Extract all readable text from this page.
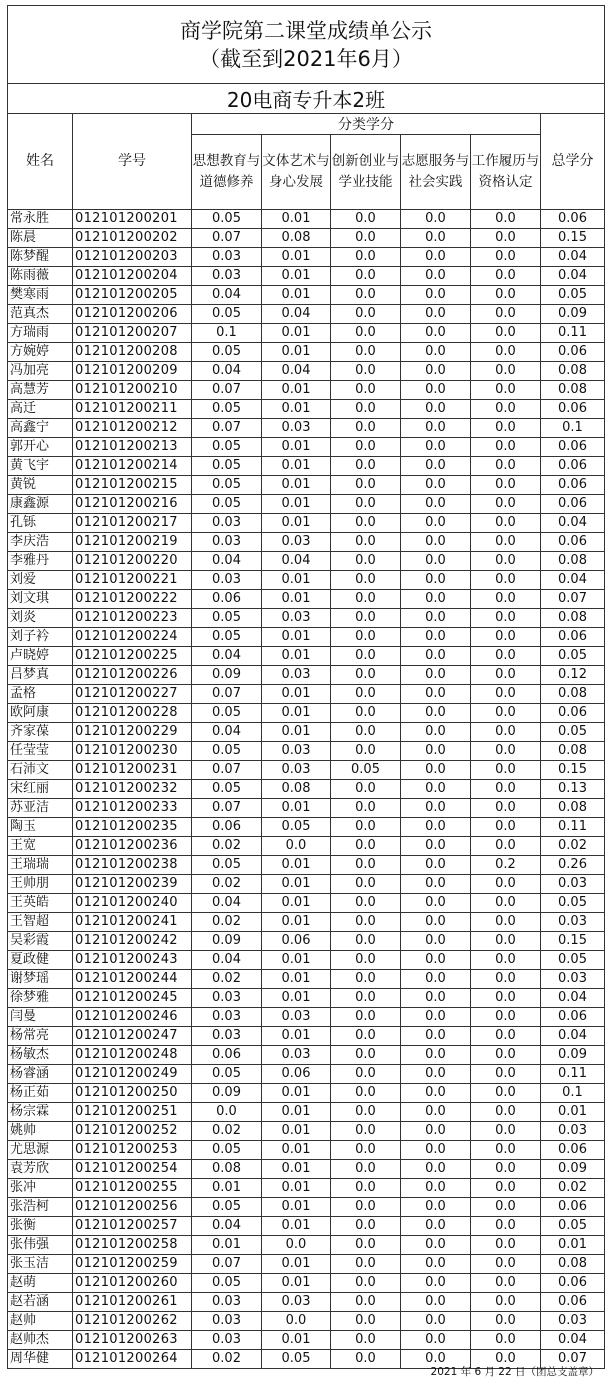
商学院第二课堂成绩单公示
（截至到2021年6月）							

20电商专升本2班							
姓名	学号	分类学分					总学分
		思想教育与道德修养	文体艺术与身心发展	创新创业与学业技能	志愿服务与社会实践	工作履历与资格认定	
常永胜	012101200201	0.05	0.01	0.0	0.0	0.0	0.06
陈晨	012101200202	0.07	0.08	0.0	0.0	0.0	0.15
陈梦醒	012101200203	0.03	0.01	0.0	0.0	0.0	0.04
陈雨薇	012101200204	0.03	0.01	0.0	0.0	0.0	0.04
樊寒雨	012101200205	0.04	0.01	0.0	0.0	0.0	0.05
范真杰	012101200206	0.05	0.04	0.0	0.0	0.0	0.09
方瑞雨	012101200207	0.1	0.01	0.0	0.0	0.0	0.11
方婉婷	012101200208	0.05	0.01	0.0	0.0	0.0	0.06
冯加亮	012101200209	0.04	0.04	0.0	0.0	0.0	0.08
高慧芳	012101200210	0.07	0.01	0.0	0.0	0.0	0.08
高迁	012101200211	0.05	0.01	0.0	0.0	0.0	0.06
高鑫宁	012101200212	0.07	0.03	0.0	0.0	0.0	0.1
郭开心	012101200213	0.05	0.01	0.0	0.0	0.0	0.06
黄飞宇	012101200214	0.05	0.01	0.0	0.0	0.0	0.06
黄锐	012101200215	0.05	0.01	0.0	0.0	0.0	0.06
康鑫源	012101200216	0.05	0.01	0.0	0.0	0.0	0.06
孔铄	012101200217	0.03	0.01	0.0	0.0	0.0	0.04
李庆浩	012101200219	0.03	0.03	0.0	0.0	0.0	0.06
李雅丹	012101200220	0.04	0.04	0.0	0.0	0.0	0.08
刘爱	012101200221	0.03	0.01	0.0	0.0	0.0	0.04
刘文琪	012101200222	0.06	0.01	0.0	0.0	0.0	0.07
刘炎	012101200223	0.05	0.03	0.0	0.0	0.0	0.08
刘子衿	012101200224	0.05	0.01	0.0	0.0	0.0	0.06
卢晓婷	012101200225	0.04	0.01	0.0	0.0	0.0	0.05
吕梦真	012101200226	0.09	0.03	0.0	0.0	0.0	0.12
孟格	012101200227	0.07	0.01	0.0	0.0	0.0	0.08
欧阿康	012101200228	0.05	0.01	0.0	0.0	0.0	0.06
齐家葆	012101200229	0.04	0.01	0.0	0.0	0.0	0.05
任莹莹	012101200230	0.05	0.03	0.0	0.0	0.0	0.08
石沛文	012101200231	0.07	0.03	0.05	0.0	0.0	0.15
宋红丽	012101200232	0.05	0.08	0.0	0.0	0.0	0.13
苏亚洁	012101200233	0.07	0.01	0.0	0.0	0.0	0.08
陶玉	012101200235	0.06	0.05	0.0	0.0	0.0	0.11
王宽	012101200236	0.02	0.0	0.0	0.0	0.0	0.02
王瑞瑞	012101200238	0.05	0.01	0.0	0.0	0.2	0.26
王帅朋	012101200239	0.02	0.01	0.0	0.0	0.0	0.03
王英皓	012101200240	0.04	0.01	0.0	0.0	0.0	0.05
王智超	012101200241	0.02	0.01	0.0	0.0	0.0	0.03
吴彩霞	012101200242	0.09	0.06	0.0	0.0	0.0	0.15
夏政健	012101200243	0.04	0.01	0.0	0.0	0.0	0.05
谢梦瑶	012101200244	0.02	0.01	0.0	0.0	0.0	0.03
徐梦雅	012101200245	0.03	0.01	0.0	0.0	0.0	0.04
闫曼	012101200246	0.03	0.03	0.0	0.0	0.0	0.06
杨常亮	012101200247	0.03	0.01	0.0	0.0	0.0	0.04
杨敏杰	012101200248	0.06	0.03	0.0	0.0	0.0	0.09
杨睿涵	012101200249	0.05	0.06	0.0	0.0	0.0	0.11
杨正茹	012101200250	0.09	0.01	0.0	0.0	0.0	0.1
杨宗霖	012101200251	0.0	0.01	0.0	0.0	0.0	0.01
姚帅	012101200252	0.02	0.01	0.0	0.0	0.0	0.03
尤思源	012101200253	0.05	0.01	0.0	0.0	0.0	0.06
袁芳欣	012101200254	0.08	0.01	0.0	0.0	0.0	0.09
张冲	012101200255	0.01	0.01	0.0	0.0	0.0	0.02
张浩柯	012101200256	0.05	0.01	0.0	0.0	0.0	0.06
张衡	012101200257	0.04	0.01	0.0	0.0	0.0	0.05
张伟强	012101200258	0.01	0.0	0.0	0.0	0.0	0.01
张玉洁	012101200259	0.07	0.01	0.0	0.0	0.0	0.08
赵萌	012101200260	0.05	0.01	0.0	0.0	0.0	0.06
赵若涵	012101200261	0.03	0.03	0.0	0.0	0.0	0.06
赵帅	012101200262	0.03	0.0	0.0	0.0	0.0	0.03
赵帅杰	012101200263	0.03	0.01	0.0	0.0	0.0	0.04
周华健	012101200264	0.02	0.05	0.0	0.0	0.0	0.07
2021 年 6 月 22 日（团总支盖章）
